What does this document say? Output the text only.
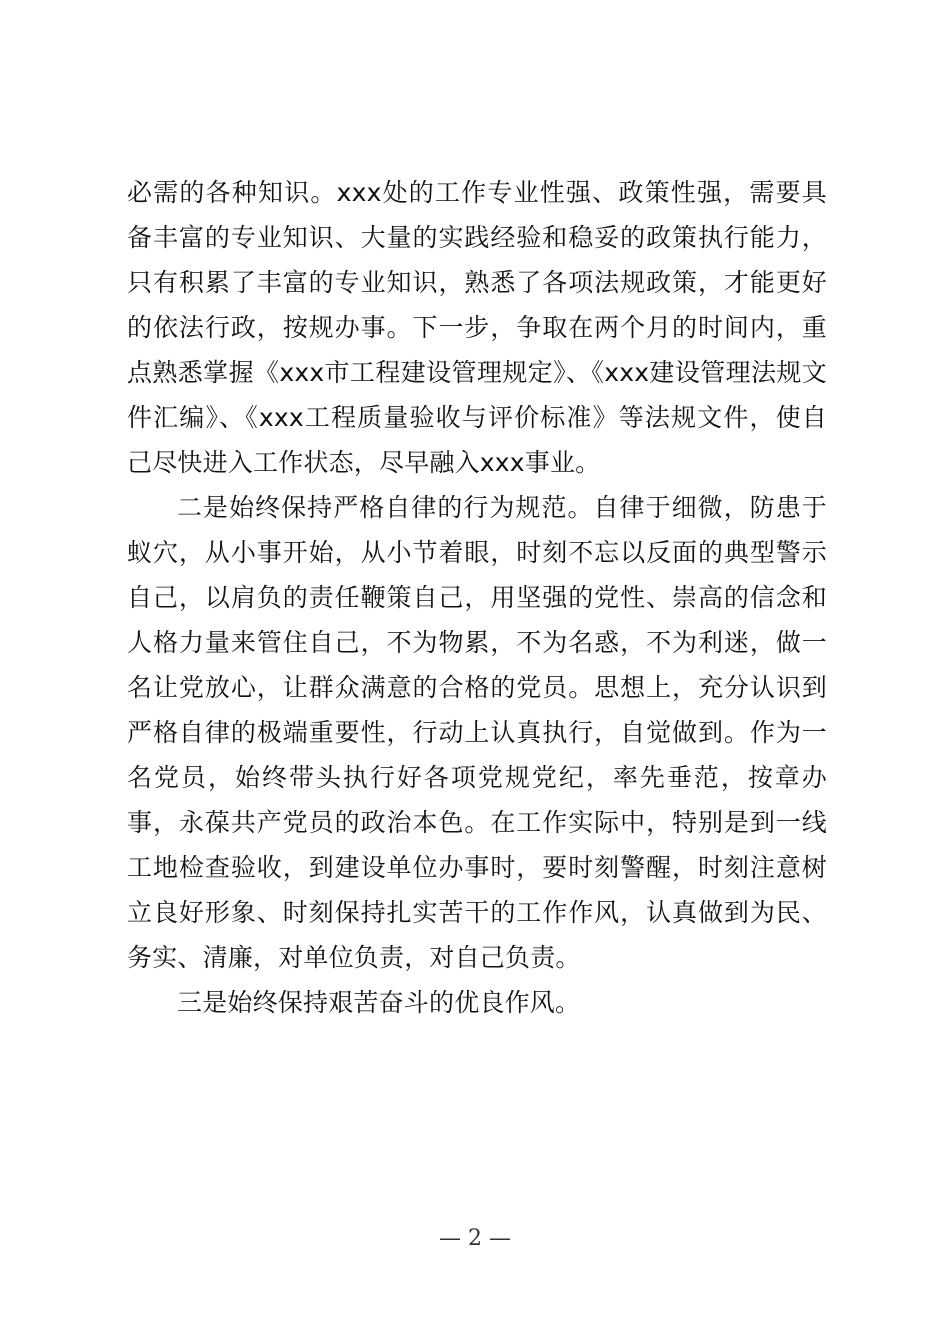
必需的各种知识。xxx处的工作专业性强、政策性强，需要具备丰富的专业知识、大量的实践经验和稳妥的政策执行能力，只有积累了丰富的专业知识，熟悉了各项法规政策，才能更好的依法行政，按规办事。下一步，争取在两个月的时间内，重点熟悉掌握《xxx市工程建设管理规定》、《xxx建设管理法规文件汇编》、《xxx工程质量验收与评价标准》等法规文件，使自己尽快进入工作状态，尽早融入xxx事业。

二是始终保持严格自律的行为规范。自律于细微，防患于蚁穴，从小事开始，从小节着眼，时刻不忘以反面的典型警示自己，以肩负的责任鞭策自己，用坚强的党性、崇高的信念和人格力量来管住自己，不为物累，不为名惑，不为利迷，做一名让党放心，让群众满意的合格的党员。思想上，充分认识到严格自律的极端重要性，行动上认真执行，自觉做到。作为一名党员，始终带头执行好各项党规党纪，率先垂范，按章办事，永葆共产党员的政治本色。在工作实际中，特别是到一线工地检查验收，到建设单位办事时，要时刻警醒，时刻注意树立良好形象、时刻保持扎实苦干的工作作风，认真做到为民、务实、清廉，对单位负责，对自己负责。

三是始终保持艰苦奋斗的优良作风。

— 2 —
